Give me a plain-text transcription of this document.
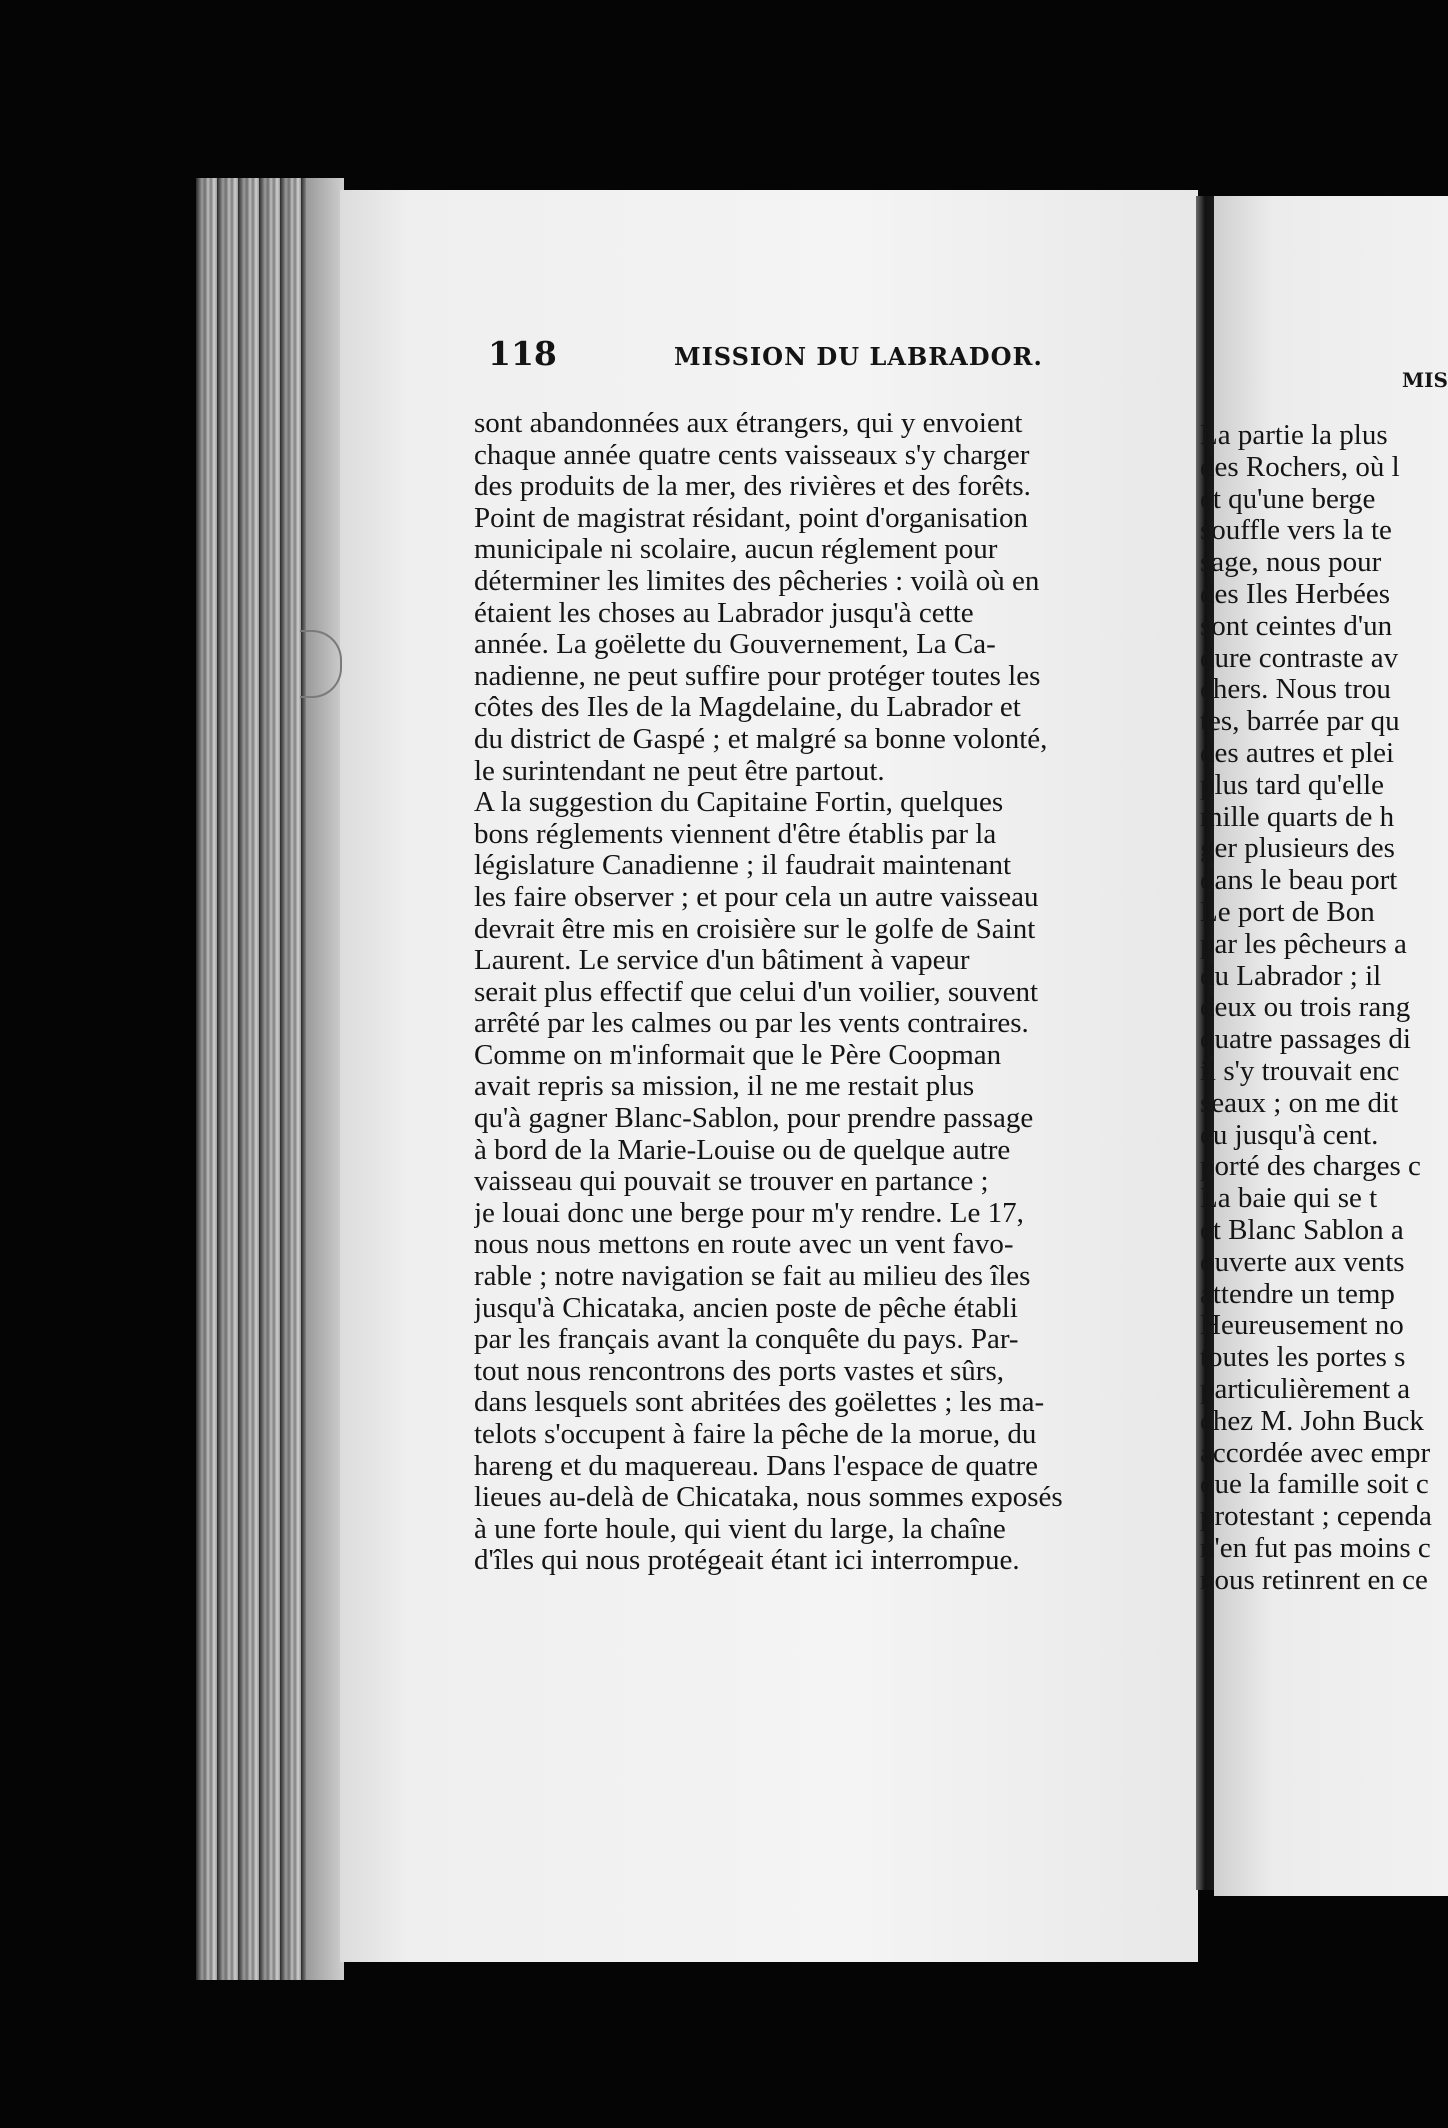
118	MISSION DU LABRADOR.
sont abandonnées aux étrangers, qui y envoient
chaque année quatre cents vaisseaux s'y charger
des produits de la mer, des rivières et des forêts.
Point de magistrat résidant, point d'organisation
municipale ni scolaire, aucun réglement pour
déterminer les limites des pêcheries : voilà où en
étaient les choses au Labrador jusqu'à cette
année. La goëlette du Gouvernement, La Ca-
nadienne, ne peut suffire pour protéger toutes les
côtes des Iles de la Magdelaine, du Labrador et
du district de Gaspé ; et malgré sa bonne volonté,
le surintendant ne peut être partout.
A la suggestion du Capitaine Fortin, quelques
bons réglements viennent d'être établis par la
législature Canadienne ; il faudrait maintenant
les faire observer ; et pour cela un autre vaisseau
devrait être mis en croisière sur le golfe de Saint
Laurent. Le service d'un bâtiment à vapeur
serait plus effectif que celui d'un voilier, souvent
arrêté par les calmes ou par les vents contraires.
Comme on m'informait que le Père Coopman
avait repris sa mission, il ne me restait plus
qu'à gagner Blanc-Sablon, pour prendre passage
à bord de la Marie-Louise ou de quelque autre
vaisseau qui pouvait se trouver en partance ;
je louai donc une berge pour m'y rendre. Le 17,
nous nous mettons en route avec un vent favo-
rable ; notre navigation se fait au milieu des îles
jusqu'à Chicataka, ancien poste de pêche établi
par les français avant la conquête du pays. Par-
tout nous rencontrons des ports vastes et sûrs,
dans lesquels sont abritées des goëlettes ; les ma-
telots s'occupent à faire la pêche de la morue, du
hareng et du maquereau. Dans l'espace de quatre
lieues au-delà de Chicataka, nous sommes exposés
à une forte houle, qui vient du large, la chaîne
d'îles qui nous protégeait étant ici interrompue.
MIS
La partie la plus
des Rochers, où l
et qu'une berge
souffle vers la te
sage, nous pour
des Iles Herbées
sont ceintes d'un
dure contraste av
chers. Nous trou
tes, barrée par qu
des autres et plei
plus tard qu'elle
mille quarts de h
ger plusieurs des
dans le beau port
Le port de Bon
par les pêcheurs a
du Labrador ; il
deux ou trois rang
quatre passages di
il s'y trouvait enc
seaux ; on me dit
eu jusqu'à cent.
porté des charges c
La baie qui se t
et Blanc Sablon a
ouverte aux vents
attendre un temp
Heureusement no
toutes les portes s
particulièrement a
chez M. John Buck
accordée avec empr
que la famille soit c
protestant ; cependa
n'en fut pas moins c
nous retinrent en ce
